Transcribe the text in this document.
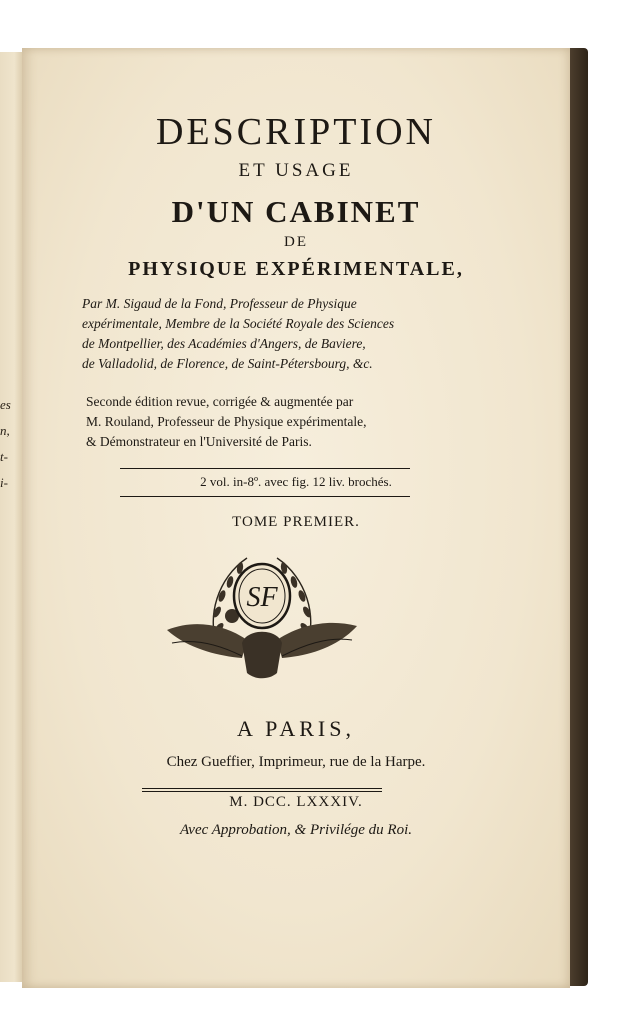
es
n,
t-
i-
DESCRIPTION
ET USAGE
D'UN CABINET
DE
PHYSIQUE EXPÉRIMENTALE,
Par M. Sigaud de la Fond, Professeur de Physique
expérimentale, Membre de la Société Royale des Sciences
de Montpellier, des Académies d'Angers, de Baviere,
de Valladolid, de Florence, de Saint-Pétersbourg, &c.
Seconde édition revue, corrigée & augmentée par
M. Rouland, Professeur de Physique expérimentale,
& Démonstrateur en l'Université de Paris.
2 vol. in-8º. avec fig. 12 liv. brochés.
TOME PREMIER.
SF
A PARIS,
Chez Gueffier, Imprimeur, rue de la Harpe.
M. DCC. LXXXIV.
Avec Approbation, & Privilége du Roi.
